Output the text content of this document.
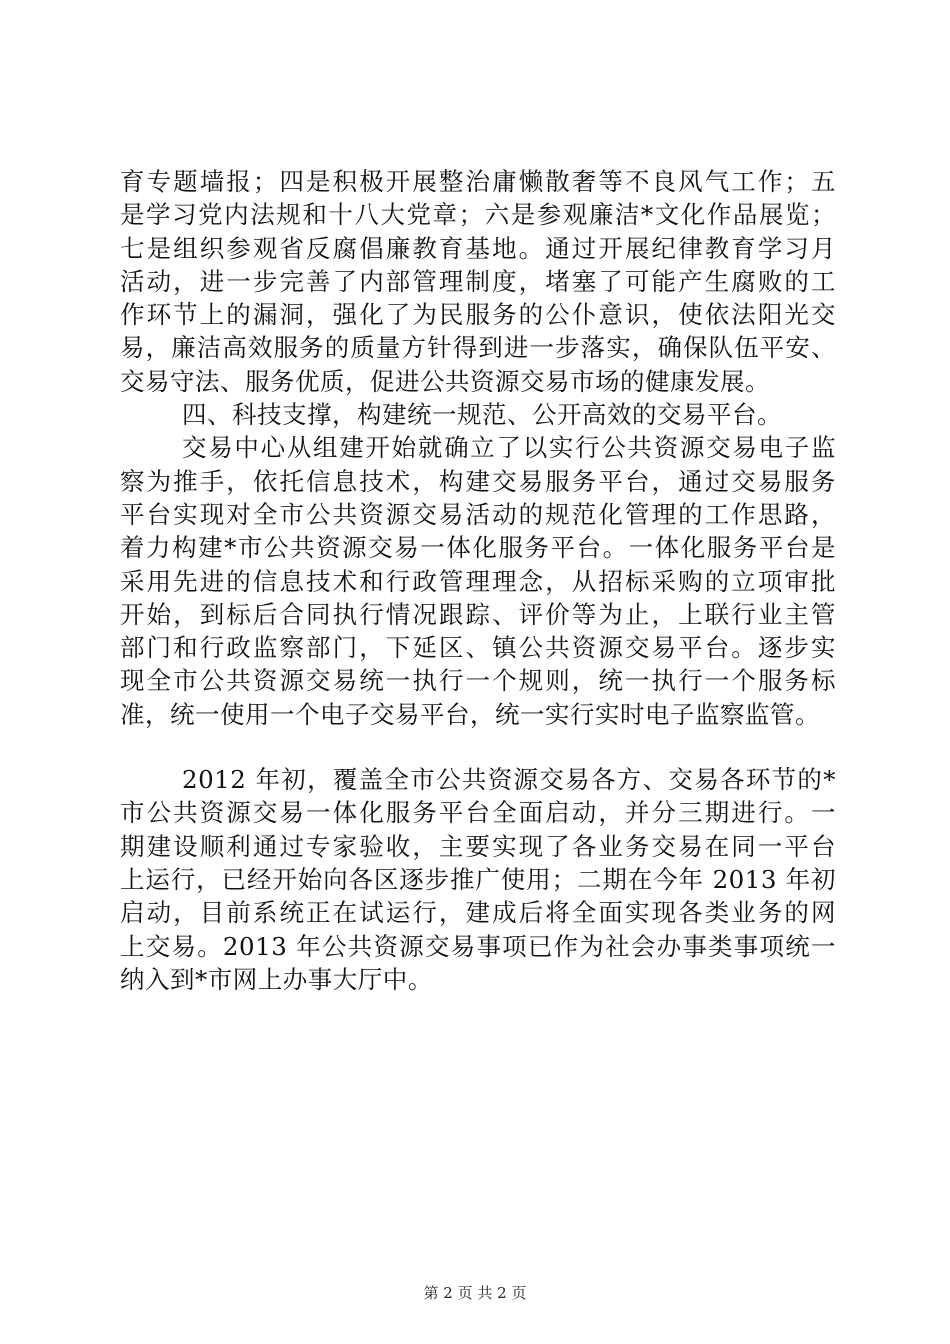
育专题墙报；四是积极开展整治庸懒散奢等不良风气工作；五
是学习党内法规和十八大党章；六是参观廉洁*文化作品展览；
七是组织参观省反腐倡廉教育基地。通过开展纪律教育学习月
活动，进一步完善了内部管理制度，堵塞了可能产生腐败的工
作环节上的漏洞，强化了为民服务的公仆意识，使依法阳光交
易，廉洁高效服务的质量方针得到进一步落实，确保队伍平安、
交易守法、服务优质，促进公共资源交易市场的健康发展。
四、科技支撑，构建统一规范、公开高效的交易平台。
交易中心从组建开始就确立了以实行公共资源交易电子监
察为推手，依托信息技术，构建交易服务平台，通过交易服务
平台实现对全市公共资源交易活动的规范化管理的工作思路，
着力构建*市公共资源交易一体化服务平台。一体化服务平台是
采用先进的信息技术和行政管理理念，从招标采购的立项审批
开始，到标后合同执行情况跟踪、评价等为止，上联行业主管
部门和行政监察部门，下延区、镇公共资源交易平台。逐步实
现全市公共资源交易统一执行一个规则，统一执行一个服务标
准，统一使用一个电子交易平台，统一实行实时电子监察监管。
2012 年初，覆盖全市公共资源交易各方、交易各环节的*
市公共资源交易一体化服务平台全面启动，并分三期进行。一
期建设顺利通过专家验收，主要实现了各业务交易在同一平台
上运行，已经开始向各区逐步推广使用；二期在今年 2013 年初
启动，目前系统正在试运行，建成后将全面实现各类业务的网
上交易。2013 年公共资源交易事项已作为社会办事类事项统一
纳入到*市网上办事大厅中。
第 2 页 共 2 页
